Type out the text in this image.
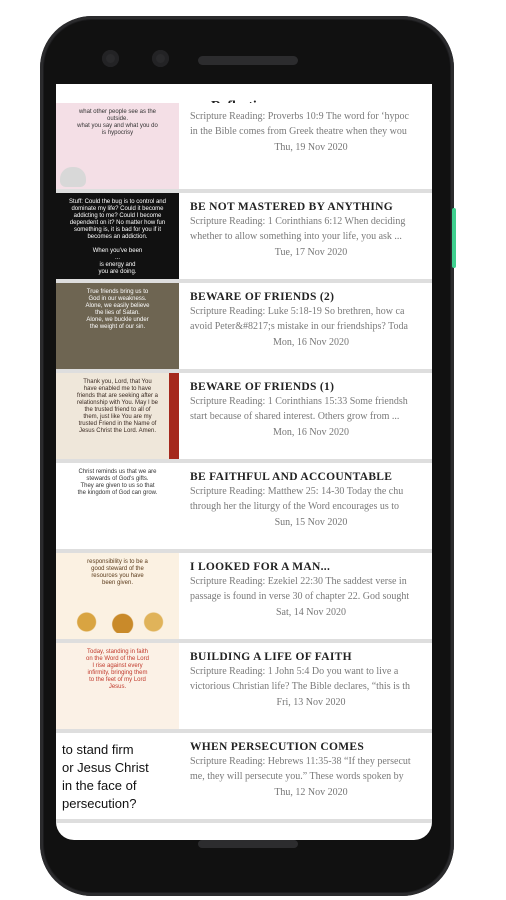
what other people see as the
outside.
what you say and what you do
is hypocrisy
Scripture Reading: Proverbs 10:9 The word for ‘hypoc
in the Bible comes from Greek theatre when they wou
Thu, 19 Nov 2020
Stuff: Could the bug is to control and
dominate my life? Could it become
addicting to me? Could I become
dependent on it? No matter how fun
something is, it is bad for you if it
becomes an addiction.
When you've been
...
is energy and
you are doing.
BE NOT MASTERED BY ANYTHING
Scripture Reading: 1 Corinthians 6:12 When deciding
whether to allow something into your life, you ask ...
Tue, 17 Nov 2020
True friends bring us to
God in our weakness.
Alone, we easily believe
the lies of Satan.
Alone, we buckle under
the weight of our sin.
BEWARE OF FRIENDS (2)
Scripture Reading: Luke 5:18-19 So brethren, how ca
avoid Peter&#8217;s mistake in our friendships? Toda
Mon, 16 Nov 2020
Thank you, Lord, that You
have enabled me to have
friends that are seeking after a
relationship with You. May I be
the trusted friend to all of
them, just like You are my
trusted Friend in the Name of
Jesus Christ the Lord. Amen.
BEWARE OF FRIENDS (1)
Scripture Reading: 1 Corinthians 15:33 Some friendsh
start because of shared interest. Others grow from ...
Mon, 16 Nov 2020
Christ reminds us that we are
stewards of God's gifts.
They are given to us so that
the kingdom of God can grow.
BE FAITHFUL AND ACCOUNTABLE
Scripture Reading: Matthew 25: 14-30 Today the chu
through her the liturgy of the Word encourages us to
Sun, 15 Nov 2020
responsibility is to be a
good steward of the
resources you have
been given.
I LOOKED FOR A MAN...
Scripture Reading: Ezekiel 22:30 The saddest verse in
passage is found in verse 30 of chapter 22. God sought
Sat, 14 Nov 2020
Today, standing in faith
on the Word of the Lord
I rise against every
infirmity, bringing them
to the feet of my Lord
Jesus.
BUILDING A LIFE OF FAITH
Scripture Reading: 1 John 5:4 Do you want to live a
victorious Christian life? The Bible declares, “this is th
Fri, 13 Nov 2020
to stand firm
or Jesus Christ
in the face of
persecution?
WHEN PERSECUTION COMES
Scripture Reading: Hebrews 11:35-38 “If they persecut
me, they will persecute you.” These words spoken by
Thu, 12 Nov 2020
